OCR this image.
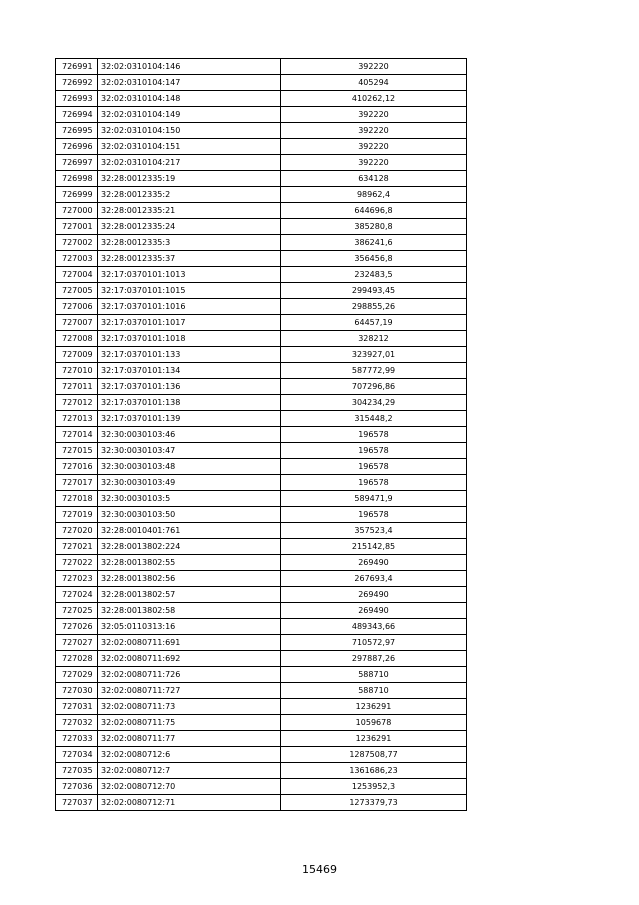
726991	32:02:0310104:146	392220
726992	32:02:0310104:147	405294
726993	32:02:0310104:148	410262,12
726994	32:02:0310104:149	392220
726995	32:02:0310104:150	392220
726996	32:02:0310104:151	392220
726997	32:02:0310104:217	392220
726998	32:28:0012335:19	634128
726999	32:28:0012335:2	98962,4
727000	32:28:0012335:21	644696,8
727001	32:28:0012335:24	385280,8
727002	32:28:0012335:3	386241,6
727003	32:28:0012335:37	356456,8
727004	32:17:0370101:1013	232483,5
727005	32:17:0370101:1015	299493,45
727006	32:17:0370101:1016	298855,26
727007	32:17:0370101:1017	64457,19
727008	32:17:0370101:1018	328212
727009	32:17:0370101:133	323927,01
727010	32:17:0370101:134	587772,99
727011	32:17:0370101:136	707296,86
727012	32:17:0370101:138	304234,29
727013	32:17:0370101:139	315448,2
727014	32:30:0030103:46	196578
727015	32:30:0030103:47	196578
727016	32:30:0030103:48	196578
727017	32:30:0030103:49	196578
727018	32:30:0030103:5	589471,9
727019	32:30:0030103:50	196578
727020	32:28:0010401:761	357523,4
727021	32:28:0013802:224	215142,85
727022	32:28:0013802:55	269490
727023	32:28:0013802:56	267693,4
727024	32:28:0013802:57	269490
727025	32:28:0013802:58	269490
727026	32:05:0110313:16	489343,66
727027	32:02:0080711:691	710572,97
727028	32:02:0080711:692	297887,26
727029	32:02:0080711:726	588710
727030	32:02:0080711:727	588710
727031	32:02:0080711:73	1236291
727032	32:02:0080711:75	1059678
727033	32:02:0080711:77	1236291
727034	32:02:0080712:6	1287508,77
727035	32:02:0080712:7	1361686,23
727036	32:02:0080712:70	1253952,3
727037	32:02:0080712:71	1273379,73
15469
